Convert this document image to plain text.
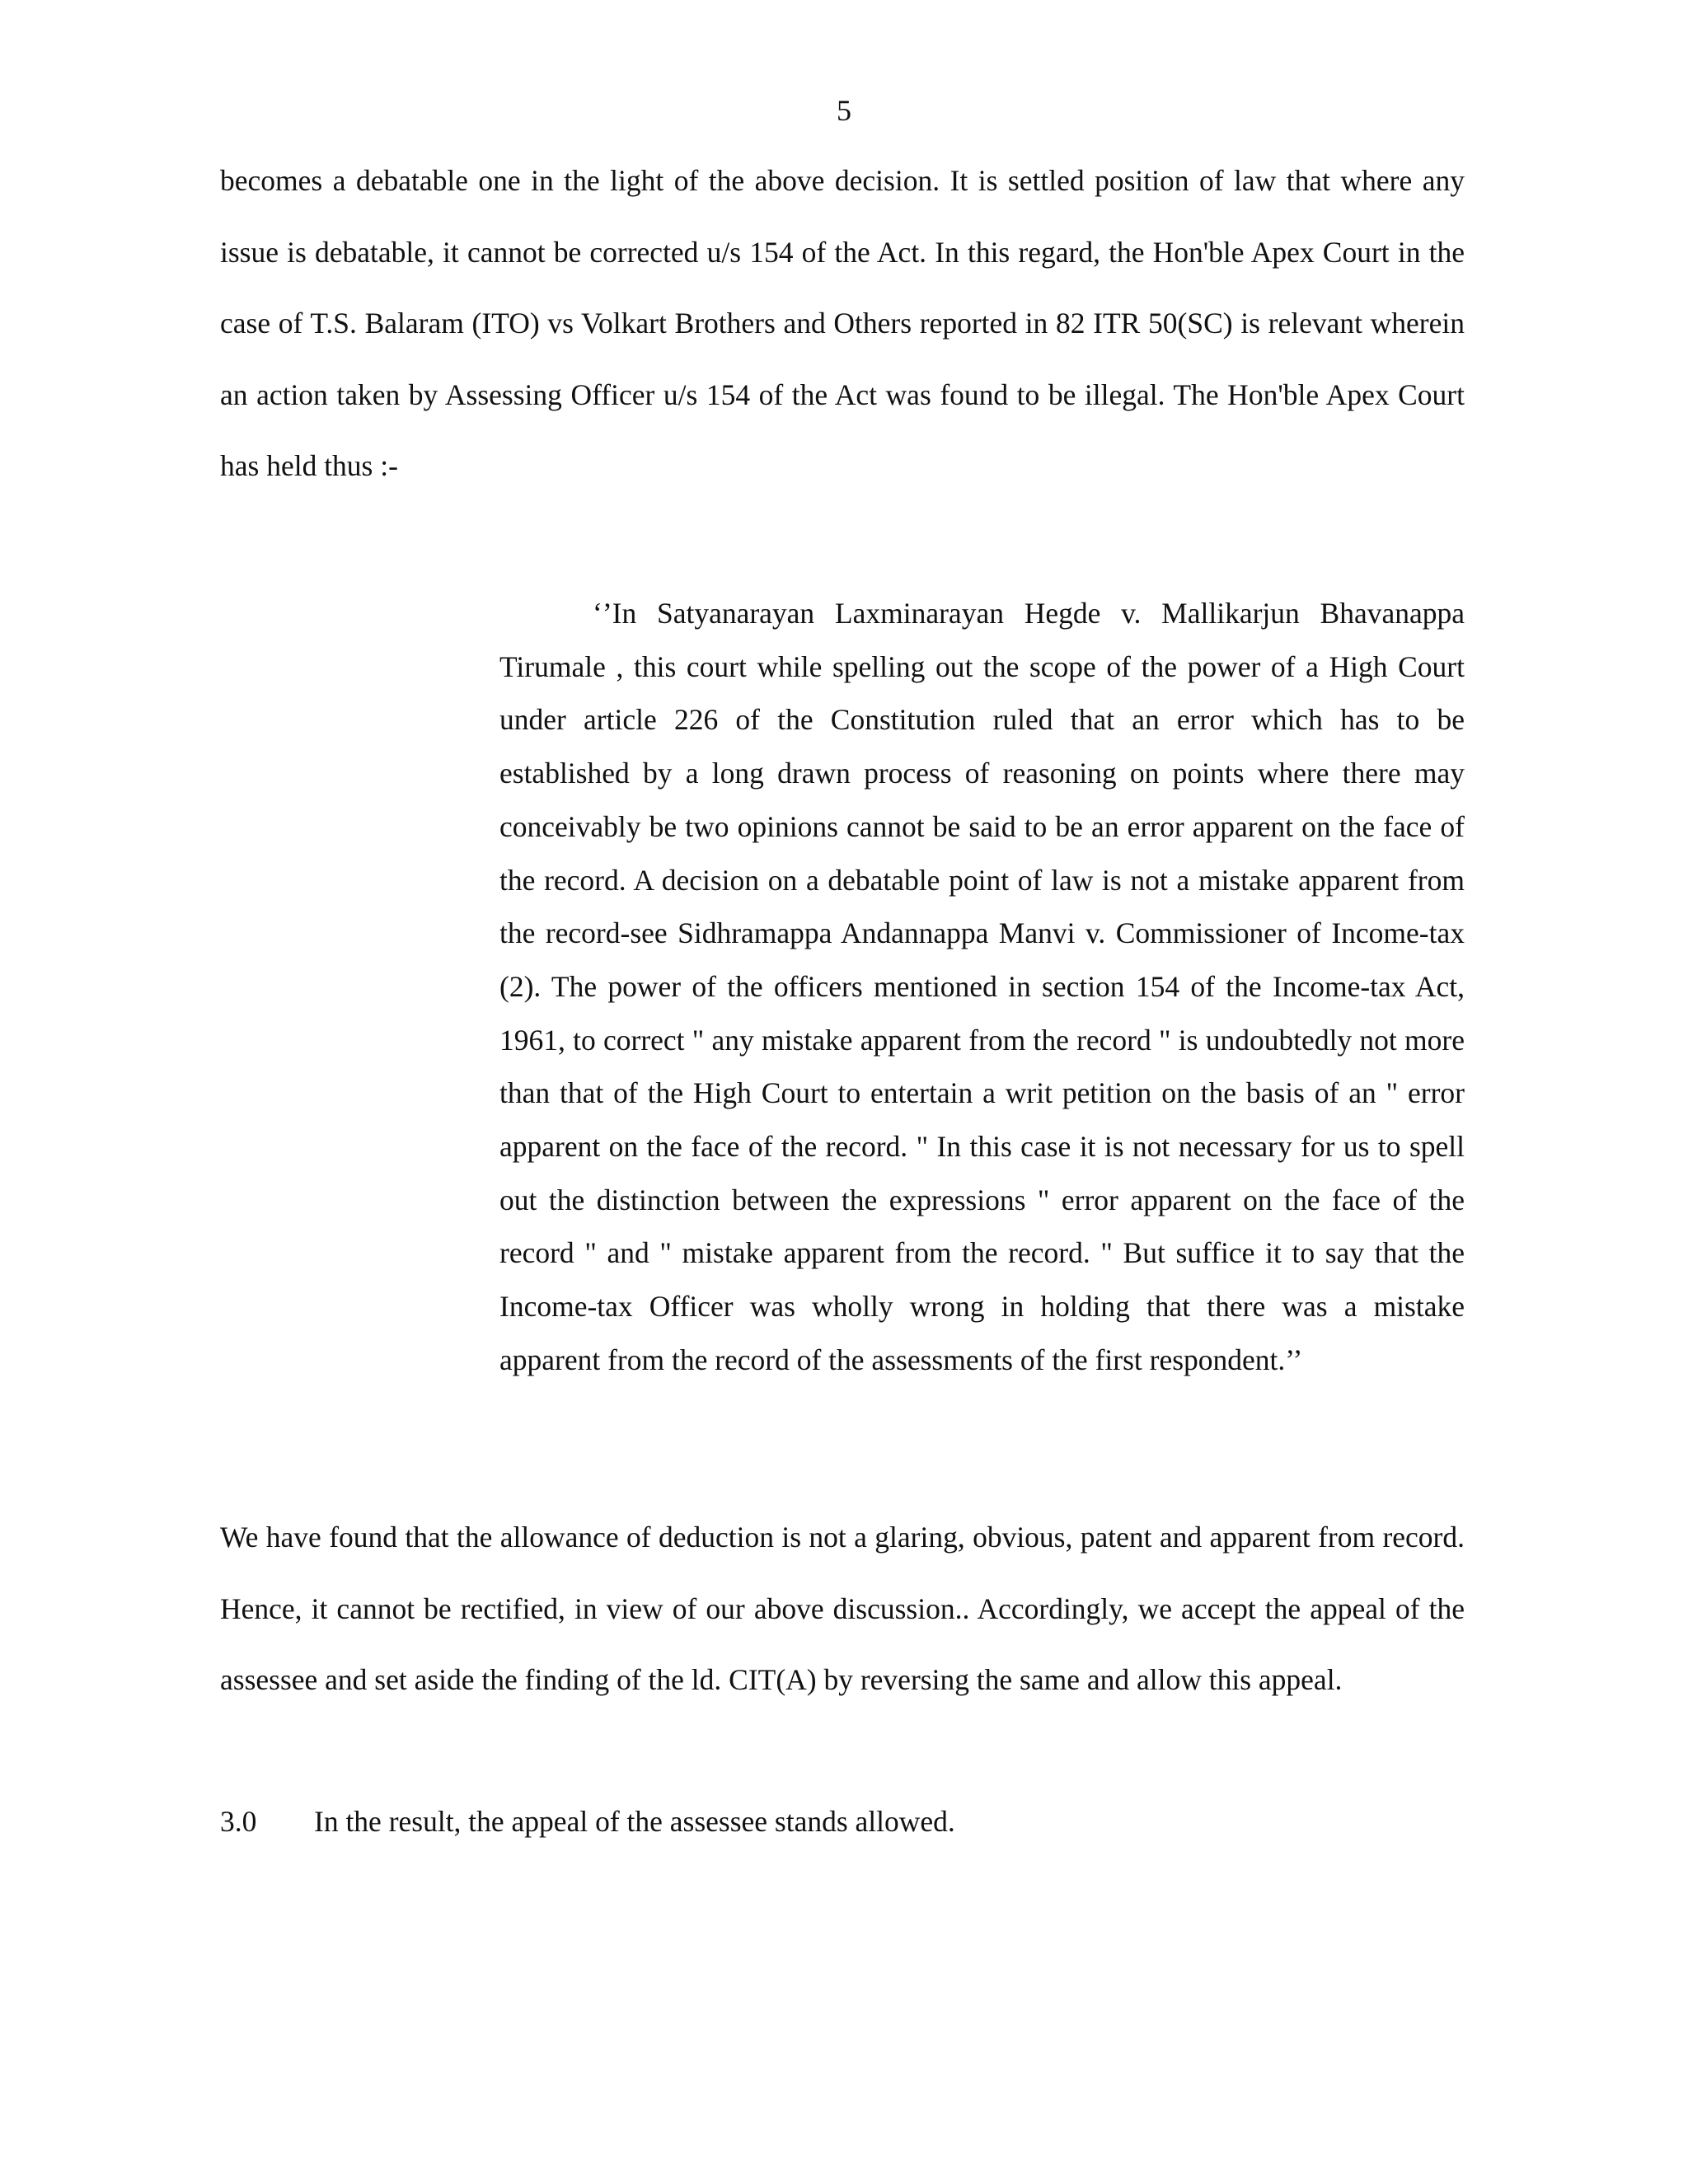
5

becomes a debatable one in the light of the above decision. It is settled position of law that where any issue is debatable, it cannot be corrected u/s 154 of the Act. In this regard, the Hon'ble Apex Court in the case of T.S. Balaram (ITO) vs Volkart Brothers and Others reported in 82 ITR 50(SC) is relevant wherein an action taken by Assessing Officer u/s 154 of the Act was found to be illegal. The Hon'ble Apex Court has held thus :-

‘’In Satyanarayan Laxminarayan Hegde v. Mallikarjun Bhavanappa Tirumale , this court while spelling out the scope of the power of a High Court under article 226 of the Constitution ruled that an error which has to be established by a long drawn process of reasoning on points where there may conceivably be two opinions cannot be said to be an error apparent on the face of the record. A decision on a debatable point of law is not a mistake apparent from the record-see Sidhramappa Andannappa Manvi v. Commissioner of Income-tax (2). The power of the officers mentioned in section 154 of the Income-tax Act, 1961, to correct " any mistake apparent from the record " is undoubtedly not more than that of the High Court to entertain a writ petition on the basis of an " error apparent on the face of the record. " In this case it is not necessary for us to spell out the distinction between the expressions " error apparent on the face of the record " and " mistake apparent from the record. " But suffice it to say that the Income-tax Officer was wholly wrong in holding that there was a mistake apparent from the record of the assessments of the first respondent.’’

We have found that the allowance of deduction is not a glaring, obvious, patent and apparent from record. Hence, it cannot be rectified, in view of our above discussion.. Accordingly, we accept the appeal of the assessee and set aside the finding of the ld. CIT(A) by reversing the same and allow this appeal.

3.0 In the result, the appeal of the assessee stands allowed.
